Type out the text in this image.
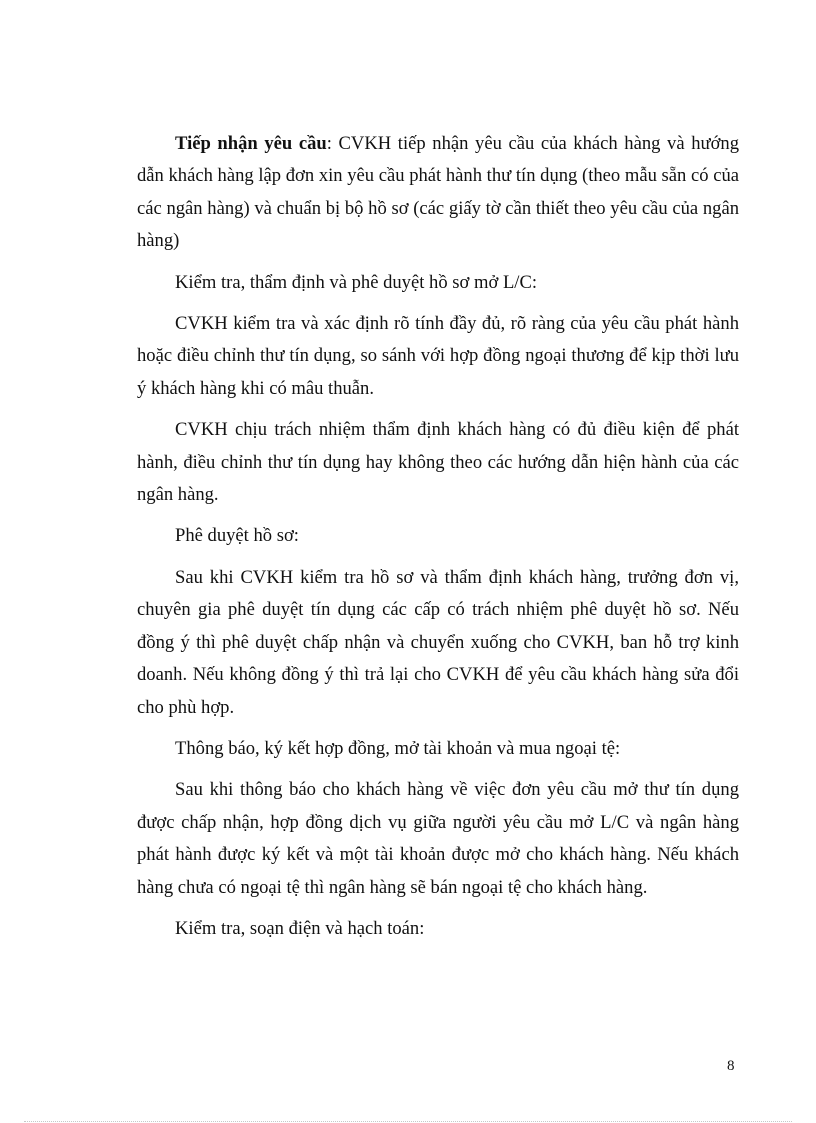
Tiếp nhận yêu cầu: CVKH tiếp nhận yêu cầu của khách hàng và hướng dẫn khách hàng lập đơn xin yêu cầu phát hành thư tín dụng (theo mẫu sẵn có của các ngân hàng) và chuẩn bị bộ hồ sơ (các giấy tờ cần thiết theo yêu cầu của ngân hàng)

Kiểm tra, thẩm định và phê duyệt hồ sơ mở L/C:

CVKH kiểm tra và xác định rõ tính đầy đủ, rõ ràng của yêu cầu phát hành hoặc điều chỉnh thư tín dụng, so sánh với hợp đồng ngoại thương để kịp thời lưu ý khách hàng khi có mâu thuẫn.

CVKH chịu trách nhiệm thẩm định khách hàng có đủ điều kiện để phát hành, điều chỉnh thư tín dụng hay không theo các hướng dẫn hiện hành của các ngân hàng.

Phê duyệt hồ sơ:

Sau khi CVKH kiểm tra hồ sơ và thẩm định khách hàng, trưởng đơn vị, chuyên gia phê duyệt tín dụng các cấp có trách nhiệm phê duyệt hồ sơ. Nếu đồng ý thì phê duyệt chấp nhận và chuyển xuống cho CVKH, ban hỗ trợ kinh doanh. Nếu không đồng ý thì trả lại cho CVKH để yêu cầu khách hàng sửa đổi cho phù hợp.

Thông báo, ký kết hợp đồng, mở tài khoản và mua ngoại tệ:

Sau khi thông báo cho khách hàng về việc đơn yêu cầu mở thư tín dụng được chấp nhận, hợp đồng dịch vụ giữa người yêu cầu mở L/C và ngân hàng phát hành được ký kết và một tài khoản được mở cho khách hàng. Nếu khách hàng chưa có ngoại tệ thì ngân hàng sẽ bán ngoại tệ cho khách hàng.

Kiểm tra, soạn điện và hạch toán:

8
